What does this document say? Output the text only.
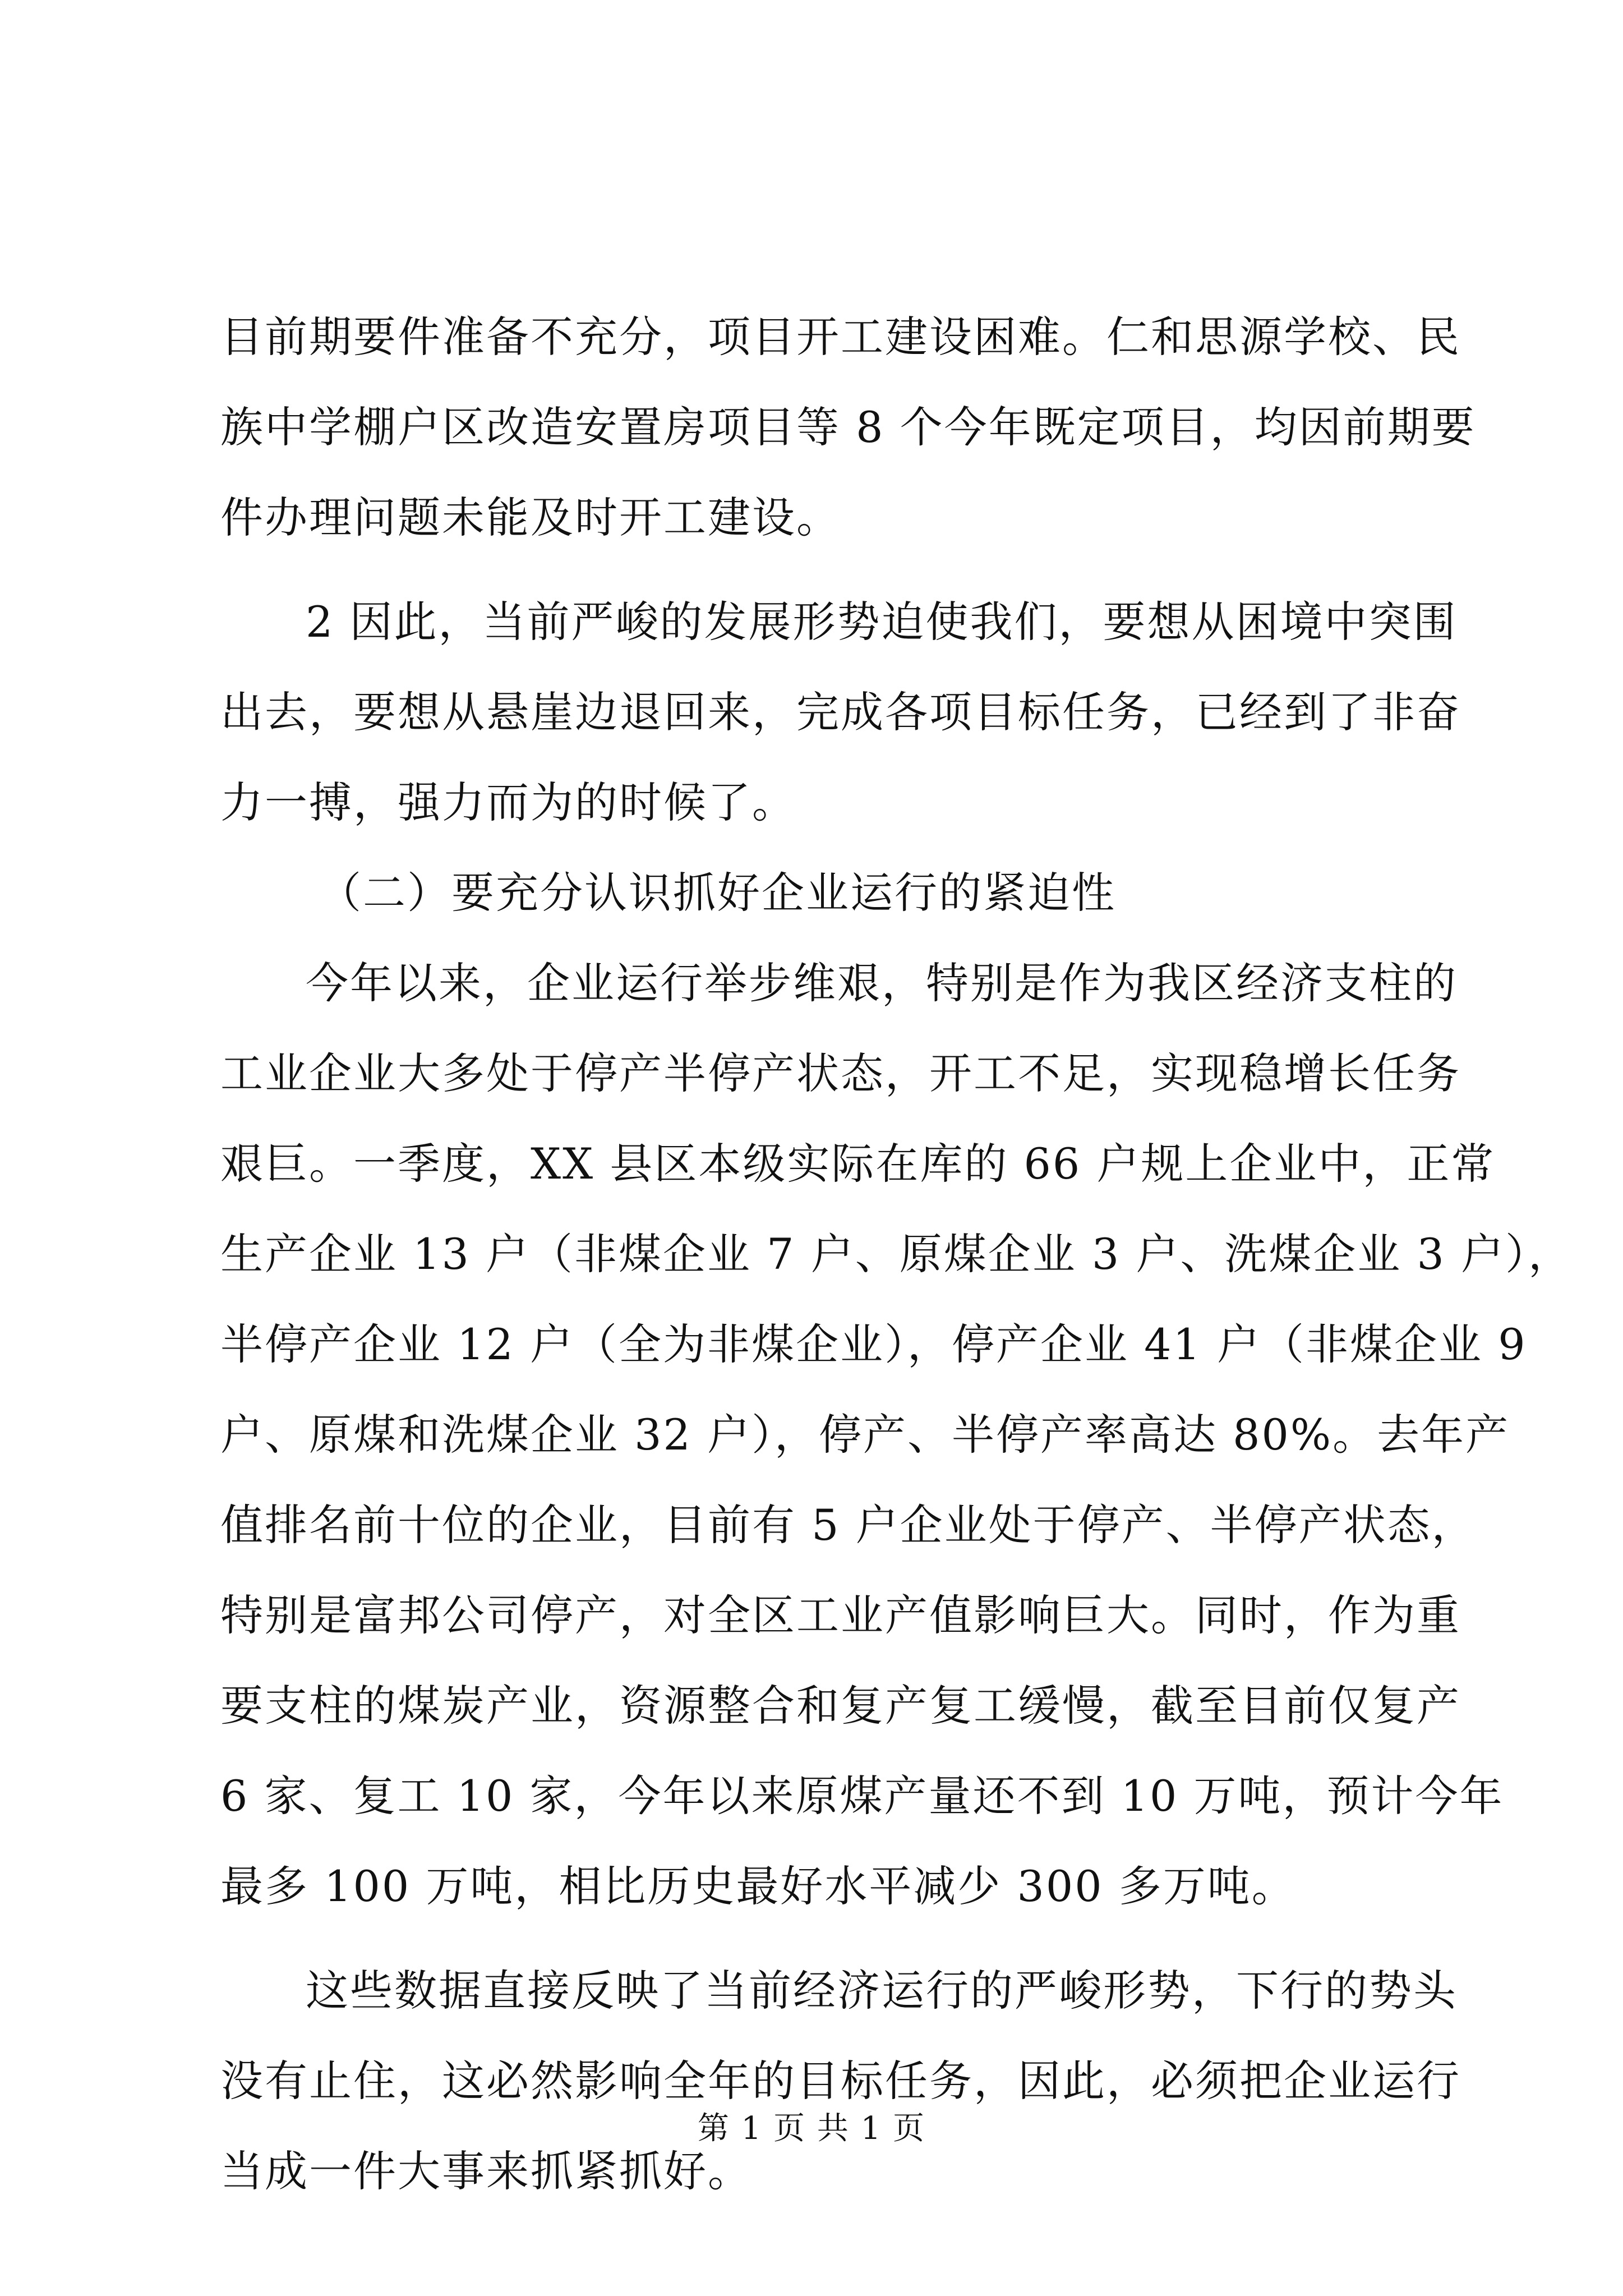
目前期要件准备不充分，项目开工建设困难。仁和思源学校、民
族中学棚户区改造安置房项目等 8 个今年既定项目，均因前期要
件办理问题未能及时开工建设。
2 因此，当前严峻的发展形势迫使我们，要想从困境中突围
出去，要想从悬崖边退回来，完成各项目标任务，已经到了非奋
力一搏，强力而为的时候了。
（二）要充分认识抓好企业运行的紧迫性
今年以来，企业运行举步维艰，特别是作为我区经济支柱的
工业企业大多处于停产半停产状态，开工不足，实现稳增长任务
艰巨。一季度，XX 县区本级实际在库的 66 户规上企业中，正常
生产企业 13 户（非煤企业 7 户、原煤企业 3 户、洗煤企业 3 户），
半停产企业 12 户（全为非煤企业），停产企业 41 户（非煤企业 9
户、原煤和洗煤企业 32 户），停产、半停产率高达 80%。去年产
值排名前十位的企业，目前有 5 户企业处于停产、半停产状态，
特别是富邦公司停产，对全区工业产值影响巨大。同时，作为重
要支柱的煤炭产业，资源整合和复产复工缓慢，截至目前仅复产
6 家、复工 10 家，今年以来原煤产量还不到 10 万吨，预计今年
最多 100 万吨，相比历史最好水平减少 300 多万吨。
这些数据直接反映了当前经济运行的严峻形势，下行的势头
没有止住，这必然影响全年的目标任务，因此，必须把企业运行
当成一件大事来抓紧抓好。
第 1 页 共 1 页
